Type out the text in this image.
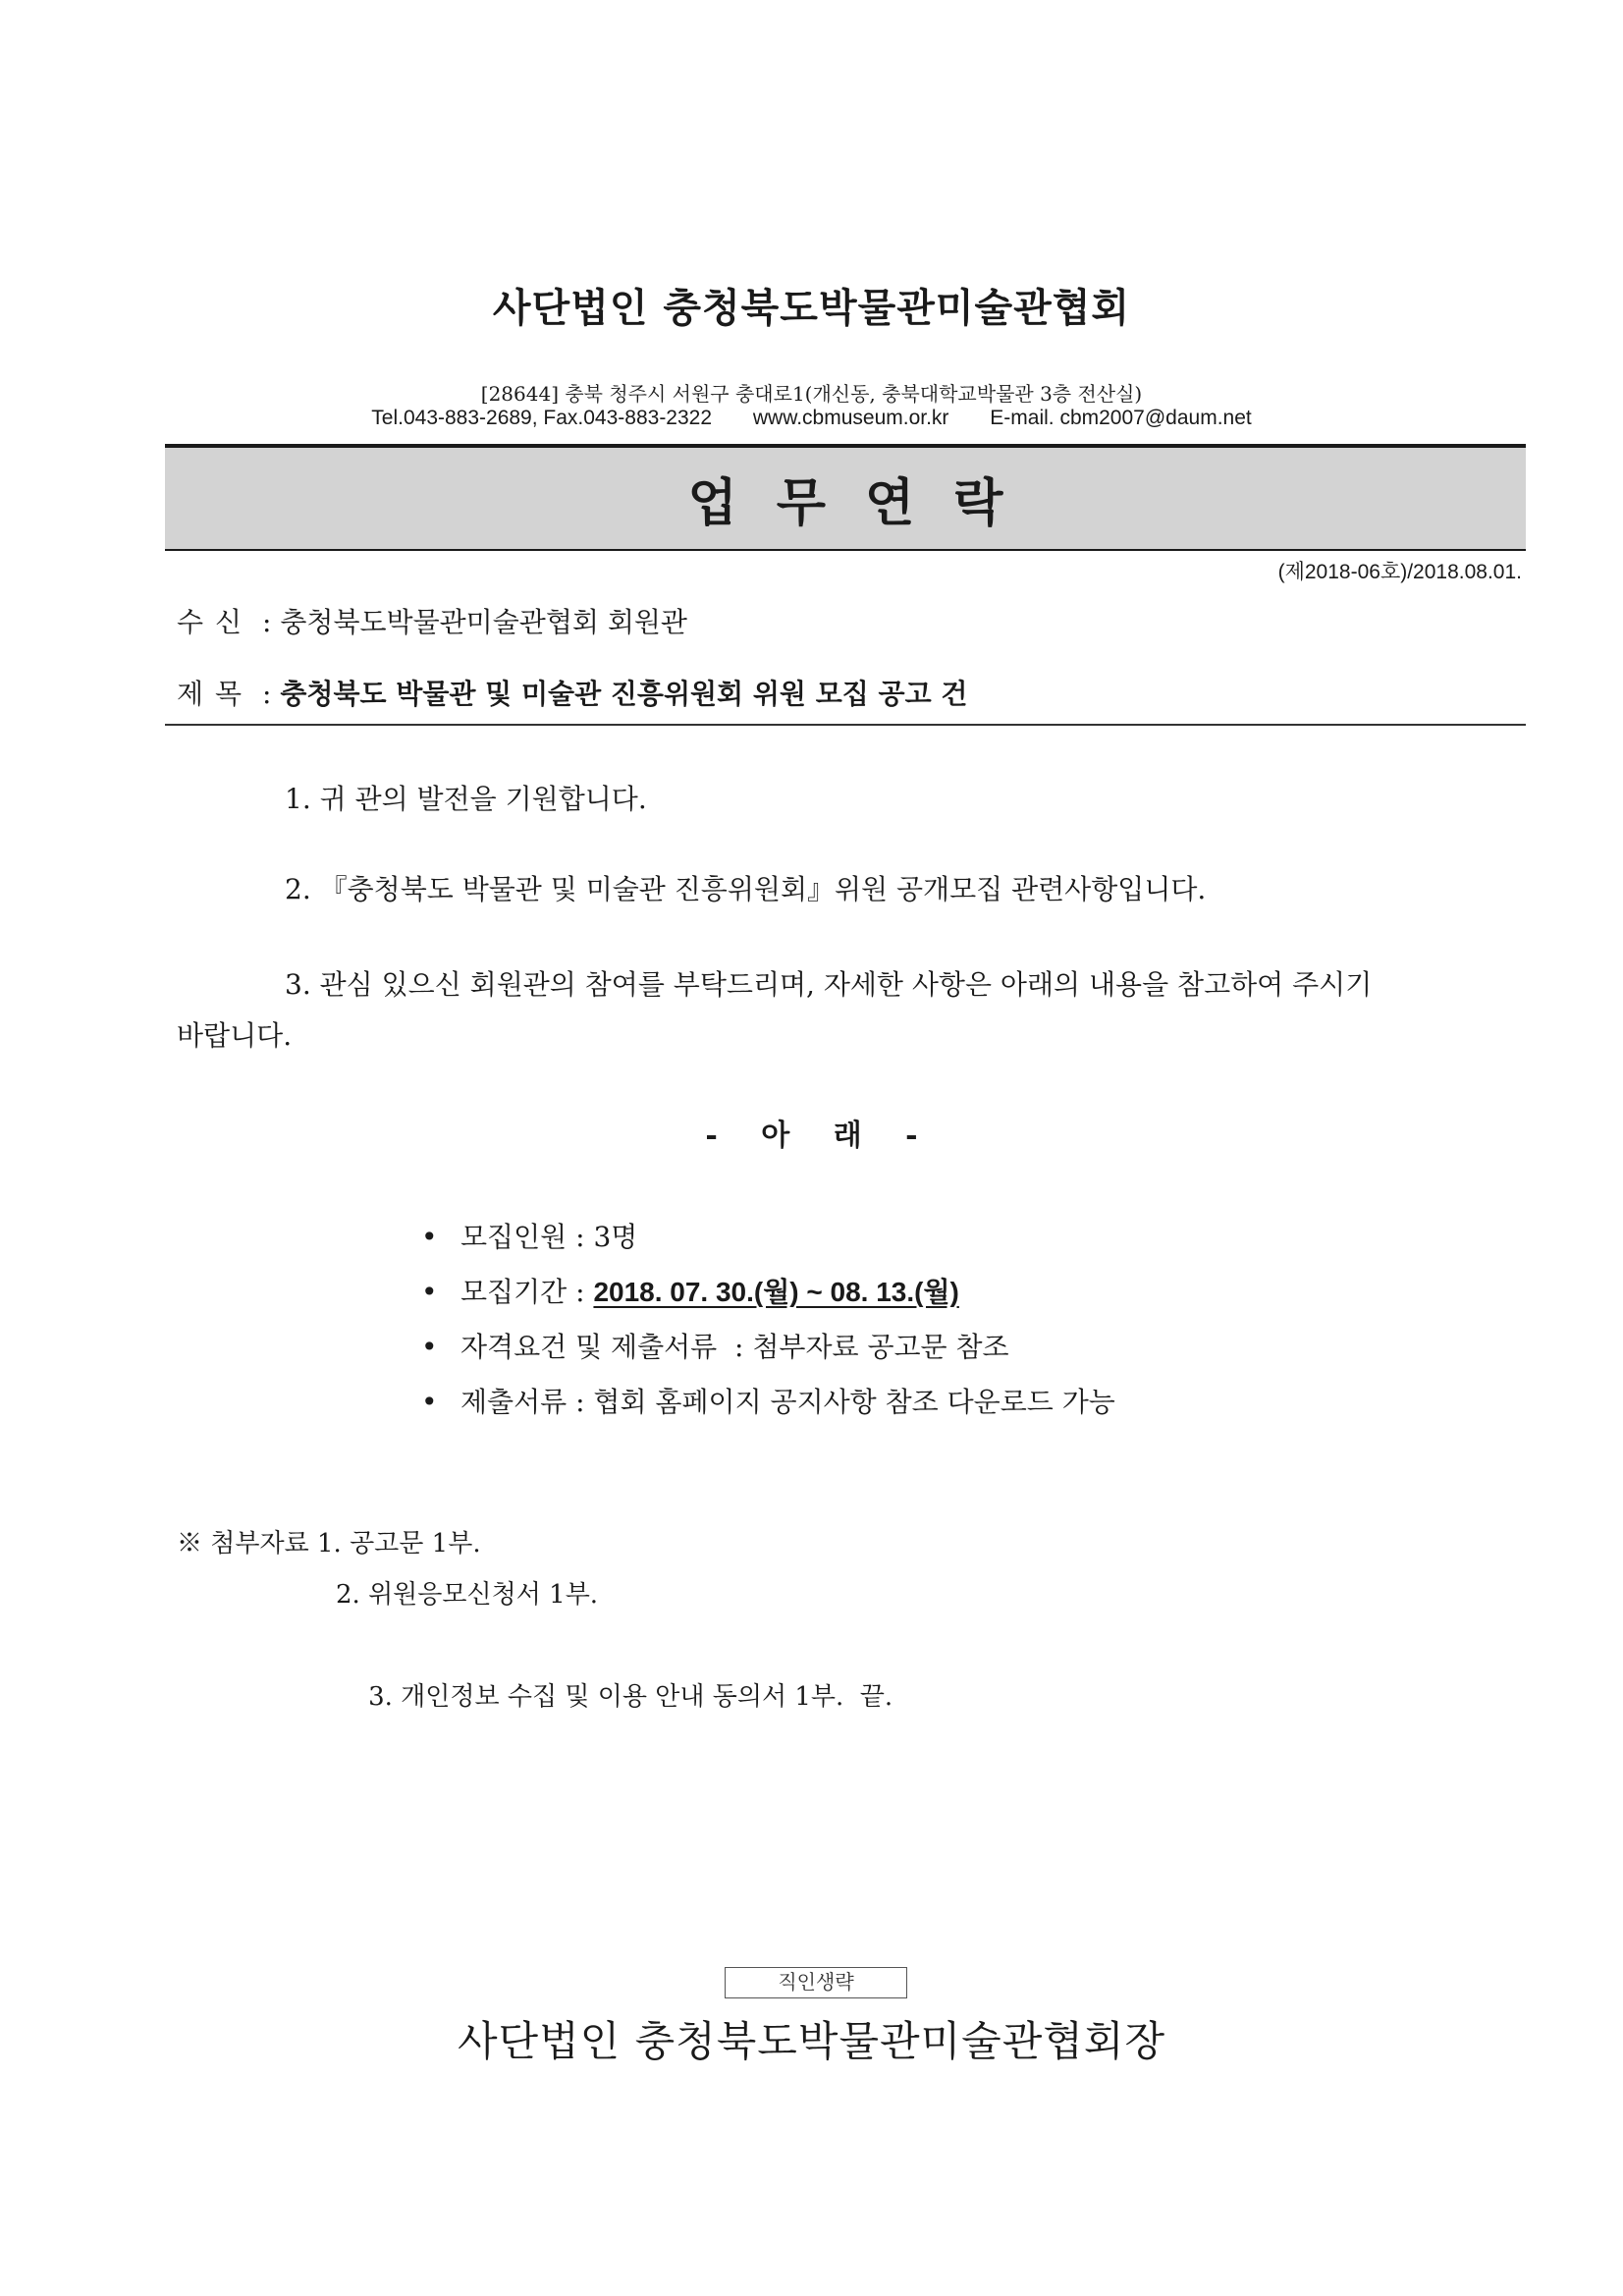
사단법인 충청북도박물관미술관협회
[28644] 충북 청주시 서원구 충대로1(개신동, 충북대학교박물관 3층 전산실)
Tel.043-883-2689, Fax.043-883-2322 www.cbmuseum.or.kr E-mail. cbm2007@daum.net
업무연락
(제2018-06호)/2018.08.01.
수신 : 충청북도박물관미술관협회 회원관
제목 : 충청북도 박물관 및 미술관 진흥위원회 위원 모집 공고 건
1. 귀 관의 발전을 기원합니다.
2. 『충청북도 박물관 및 미술관 진흥위원회』위원 공개모집 관련사항입니다.
3. 관심 있으신 회원관의 참여를 부탁드리며, 자세한 사항은 아래의 내용을 참고하여 주시기
바랍니다.
- 아 래 -
• 모집인원 : 3명
• 모집기간 : 2018. 07. 30.(월) ~ 08. 13.(월)
• 자격요건 및 제출서류  : 첨부자료 공고문 참조
• 제출서류 : 협회 홈페이지 공지사항 참조 다운로드 가능
※ 첨부자료 1. 공고문 1부.
2. 위원응모신청서 1부.

3. 개인정보 수집 및 이용 안내 동의서 1부.  끝.

직인생략
사단법인 충청북도박물관미술관협회장
